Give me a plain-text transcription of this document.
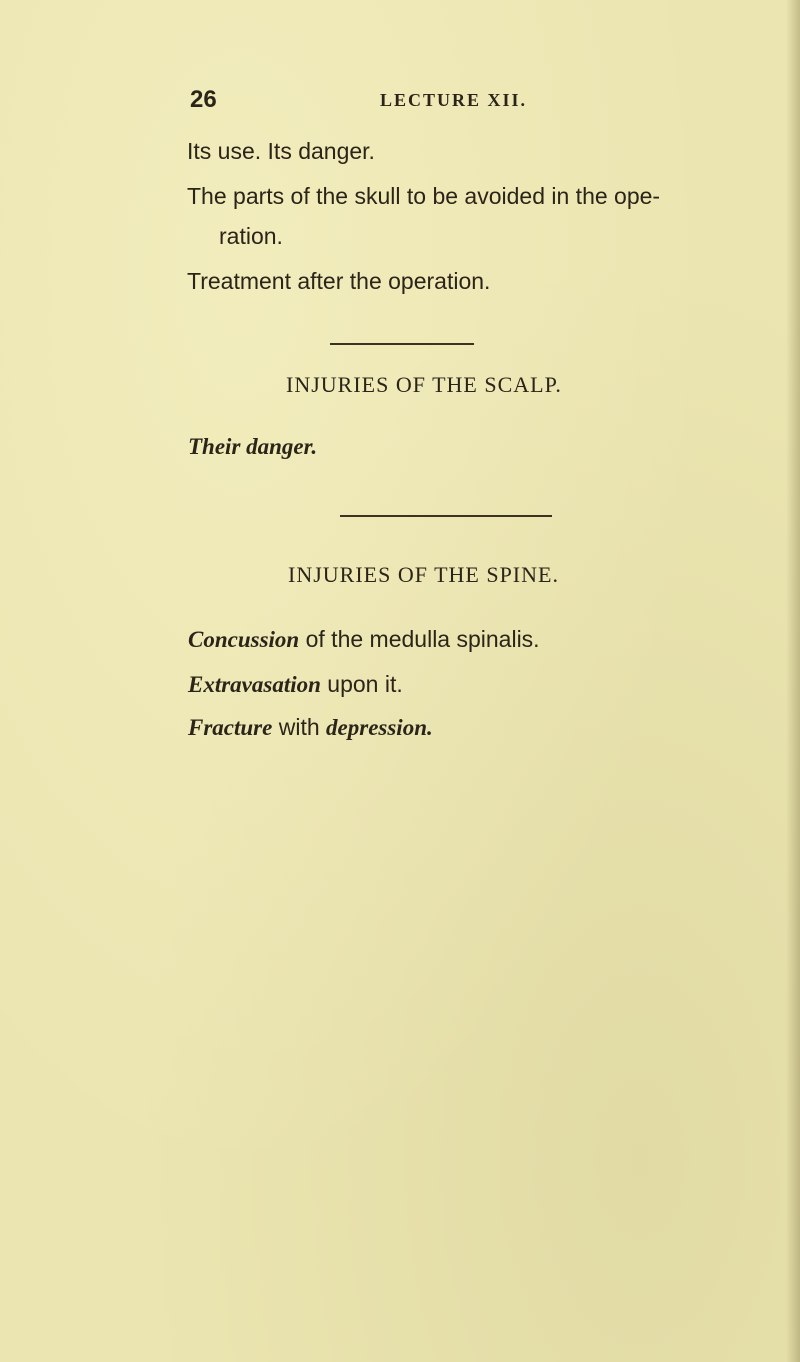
26	LECTURE XII.
Its use. Its danger.
The parts of the skull to be avoided in the ope-
ration.
Treatment after the operation.
INJURIES OF THE SCALP.
Their danger.
INJURIES OF THE SPINE.
Concussion of the medulla spinalis.
Extravasation upon it.
Fracture with depression.
